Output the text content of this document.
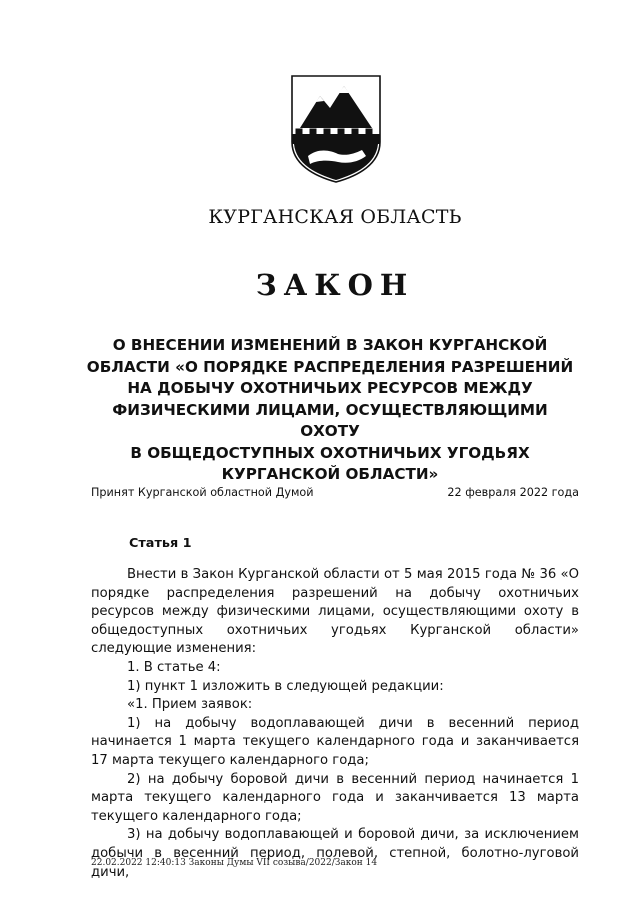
КУРГАНСКАЯ ОБЛАСТЬ
ЗАКОН
О ВНЕСЕНИИ ИЗМЕНЕНИЙ В ЗАКОН КУРГАНСКОЙ
ОБЛАСТИ «О ПОРЯДКЕ РАСПРЕДЕЛЕНИЯ РАЗРЕШЕНИЙ
НА ДОБЫЧУ ОХОТНИЧЬИХ РЕСУРСОВ МЕЖДУ
ФИЗИЧЕСКИМИ ЛИЦАМИ, ОСУЩЕСТВЛЯЮЩИМИ ОХОТУ
В ОБЩЕДОСТУПНЫХ ОХОТНИЧЬИХ УГОДЬЯХ
КУРГАНСКОЙ ОБЛАСТИ»
Принят Курганской областной Думой	22 февраля 2022 года
Статья 1

Внести в Закон Курганской области от 5 мая 2015 года № 36 «О порядке распределения разрешений на добычу охотничьих ресурсов между физическими лицами, осуществляющими охоту в общедоступных охотничьих угодьях Курганской области» следующие изменения:

1. В статье 4:

1) пункт 1 изложить в следующей редакции:

«1. Прием заявок:

1) на добычу водоплавающей дичи в весенний период начинается 1 марта текущего календарного года и заканчивается 17 марта текущего календарного года;

2) на добычу боровой дичи в весенний период начинается 1 марта текущего календарного года и заканчивается 13 марта текущего календарного года;

3) на добычу водоплавающей и боровой дичи, за исключением добычи в весенний период, полевой, степной, болотно-луговой дичи,

22.02.2022 12:40:13 Законы Думы VII созыва/2022/Закон 14
